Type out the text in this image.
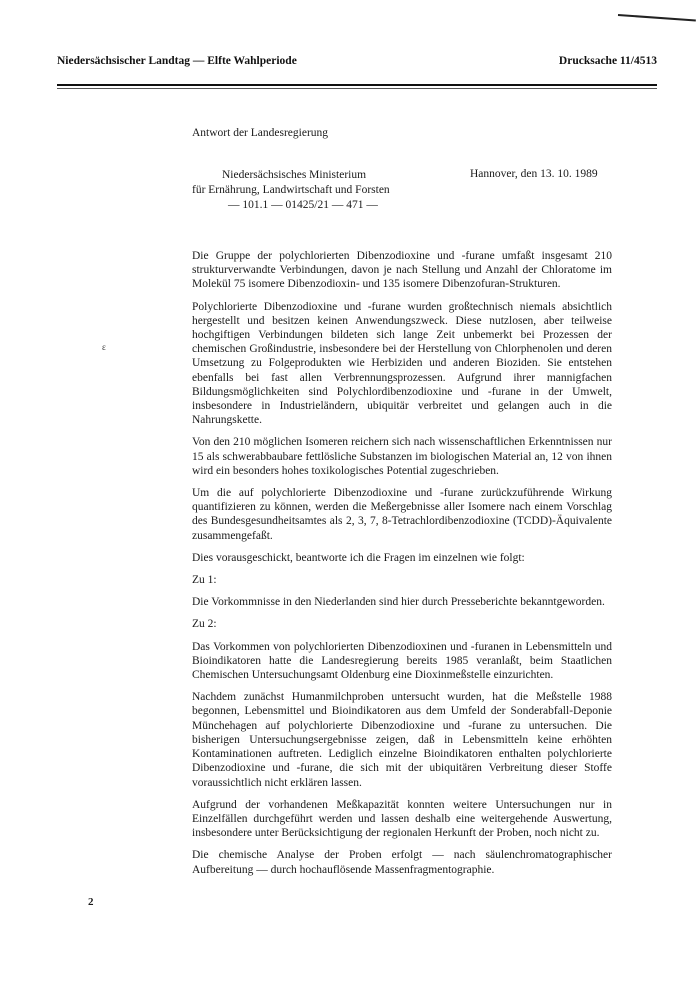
Niedersächsischer Landtag — Elfte Wahlperiode	Drucksache 11/4513
Antwort der Landesregierung
Niedersächsisches Ministerium
für Ernährung, Landwirtschaft und Forsten
— 101.1 — 01425/21 — 471 —
Hannover, den 13. 10. 1989
ε

Die Gruppe der polychlorierten Dibenzodioxine und -furane umfaßt insgesamt 210 strukturverwandte Verbindungen, davon je nach Stellung und Anzahl der Chloratome im Molekül 75 isomere Dibenzodioxin- und 135 isomere Dibenzofuran-Strukturen.

Polychlorierte Dibenzodioxine und -furane wurden großtechnisch niemals absichtlich hergestellt und besitzen keinen Anwendungszweck. Diese nutzlosen, aber teilweise hochgiftigen Verbindungen bildeten sich lange Zeit unbemerkt bei Prozessen der chemischen Großindustrie, insbesondere bei der Herstellung von Chlorphenolen und deren Umsetzung zu Folgeprodukten wie Herbiziden und anderen Bioziden. Sie entstehen ebenfalls bei fast allen Verbrennungsprozessen. Aufgrund ihrer mannigfachen Bildungsmöglichkeiten sind Polychlordibenzodioxine und -furane in der Umwelt, insbesondere in Industrieländern, ubiquitär verbreitet und gelangen auch in die Nahrungskette.

Von den 210 möglichen Isomeren reichern sich nach wissenschaftlichen Erkenntnissen nur 15 als schwerabbaubare fettlösliche Substanzen im biologischen Material an, 12 von ihnen wird ein besonders hohes toxikologisches Potential zugeschrieben.

Um die auf polychlorierte Dibenzodioxine und -furane zurückzuführende Wirkung quantifizieren zu können, werden die Meßergebnisse aller Isomere nach einem Vorschlag des Bundesgesundheitsamtes als 2, 3, 7, 8-Tetrachlordibenzodioxine (TCDD)-Äquivalente zusammengefaßt.

Dies vorausgeschickt, beantworte ich die Fragen im einzelnen wie folgt:

Zu 1:

Die Vorkommnisse in den Niederlanden sind hier durch Presseberichte bekanntgeworden.

Zu 2:

Das Vorkommen von polychlorierten Dibenzodioxinen und -furanen in Lebensmitteln und Bioindikatoren hatte die Landesregierung bereits 1985 veranlaßt, beim Staatlichen Chemischen Untersuchungsamt Oldenburg eine Dioxinmeßstelle einzurichten.

Nachdem zunächst Humanmilchproben untersucht wurden, hat die Meßstelle 1988 begonnen, Lebensmittel und Bioindikatoren aus dem Umfeld der Sonderabfall-Deponie Münchehagen auf polychlorierte Dibenzodioxine und -furane zu untersuchen. Die bisherigen Untersuchungsergebnisse zeigen, daß in Lebensmitteln keine erhöhten Kontaminationen auftreten. Lediglich einzelne Bioindikatoren enthalten polychlorierte Dibenzodioxine und -furane, die sich mit der ubiquitären Verbreitung dieser Stoffe voraussichtlich nicht erklären lassen.

Aufgrund der vorhandenen Meßkapazität konnten weitere Untersuchungen nur in Einzelfällen durchgeführt werden und lassen deshalb eine weitergehende Auswertung, insbesondere unter Berücksichtigung der regionalen Herkunft der Proben, noch nicht zu.

Die chemische Analyse der Proben erfolgt — nach säulenchromatographischer Aufbereitung — durch hochauflösende Massenfragmentographie.

2
